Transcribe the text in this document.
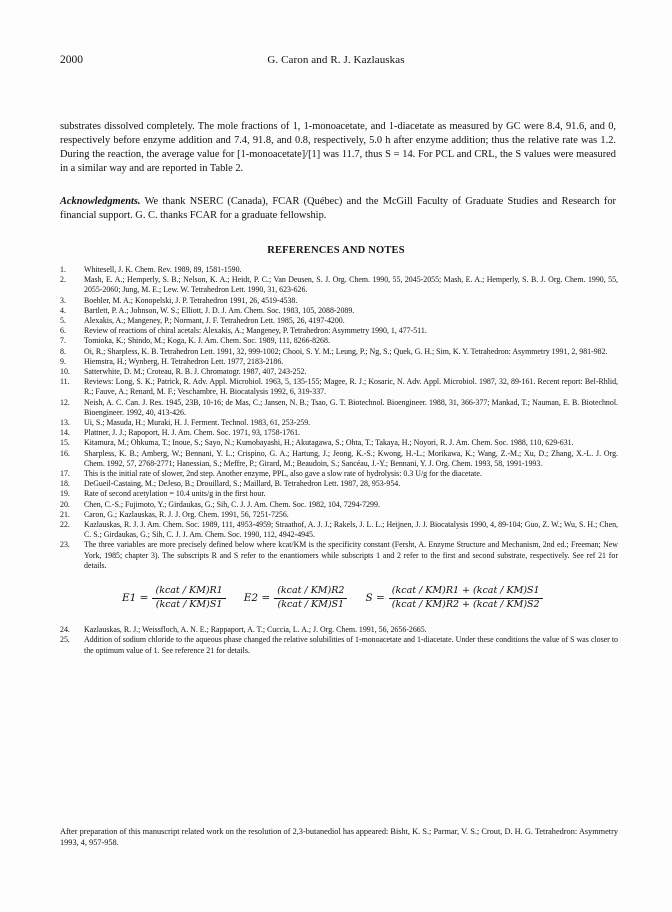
2000	G. Caron and R. J. Kazlauskas

substrates dissolved completely. The mole fractions of 1, 1-monoacetate, and 1-diacetate as measured by GC were 8.4, 91.6, and 0, respectively before enzyme addition and 7.4, 91.8, and 0.8, respectively, 5.0 h after enzyme addition; thus the relative rate was 1.2. During the reaction, the average value for [1-monoacetate]/[1] was 11.7, thus S = 14. For PCL and CRL, the S values were measured in a similar way and are reported in Table 2.

Acknowledgments. We thank NSERC (Canada), FCAR (Québec) and the McGill Faculty of Graduate Studies and Research for financial support. G. C. thanks FCAR for a graduate fellowship.

REFERENCES AND NOTES
1.	Whitesell, J. K. Chem. Rev. 1989, 89, 1581-1590.
2.	Mash, E. A.; Hemperly, S. B.; Nelson, K. A.; Heidt, P. C.; Van Deusen, S. J. Org. Chem. 1990, 55, 2045-2055; Mash, E. A.; Hemperly, S. B. J. Org. Chem. 1990, 55, 2055-2060; Jung, M. E.; Lew. W. Tetrahedron Lett. 1990, 31, 623-626.
3.	Boehler, M. A.; Konopelski, J. P. Tetrahedron 1991, 26, 4519-4538.
4.	Bartlett, P. A.; Johnson, W. S.; Elliott, J. D. J. Am. Chem. Soc. 1983, 105, 2088-2089.
5.	Alexakis, A.; Mangeney, P.; Normant, J. F. Tetrahedron Lett. 1985, 26, 4197-4200.
6.	Review of reactions of chiral acetals: Alexakis, A.; Mangeney, P. Tetrahedron: Asymmetry 1990, 1, 477-511.
7.	Tomioka, K.; Shindo, M.; Koga, K. J. Am. Chem. Soc. 1989, 111, 8266-8268.
8.	Oi, R.; Sharpless, K. B. Tetrahedron Lett. 1991, 32, 999-1002; Chooi, S. Y. M.; Leung, P.; Ng, S.; Quek, G. H.; Sim, K. Y. Tetrahedron: Asymmetry 1991, 2, 981-982.
9.	Hiemstra, H.; Wynberg, H. Tetrahedron Lett. 1977, 2183-2186.
10.	Satterwhite, D. M.; Croteau, R. B. J. Chromatogr. 1987, 407, 243-252.
11.	Reviews: Long, S. K.; Patrick, R. Adv. Appl. Microbiol. 1963, 5, 135-155; Magee, R. J.; Kosaric, N. Adv. Appl. Microbiol. 1987, 32, 89-161. Recent report: Bel-Rhlid, R.; Fauve, A.; Renard, M. F.; Veschambre, H. Biocatalysis 1992, 6, 319-337.
12.	Neish, A. C. Can. J. Res. 1945, 23B, 10-16; de Mas, C.; Jansen, N. B.; Tsao, G. T. Biotechnol. Bioengineer. 1988, 31, 366-377; Mankad, T.; Nauman, E. B. Biotechnol. Bioengineer. 1992, 40, 413-426.
13.	Ui, S.; Masuda, H.; Muraki, H. J. Ferment. Technol. 1983, 61, 253-259.
14.	Plattner, J. J.; Rapoport, H. J. Am. Chem. Soc. 1971, 93, 1758-1761.
15.	Kitamura, M.; Ohkuma, T.; Inoue, S.; Sayo, N.; Kumobayashi, H.; Akutagawa, S.; Ohta, T.; Takaya, H.; Noyori, R. J. Am. Chem. Soc. 1988, 110, 629-631.
16.	Sharpless, K. B.; Amberg, W.; Bennani, Y. L.; Crispino, G. A.; Hartung, J.; Jeong, K.-S.; Kwong, H.-L.; Morikawa, K.; Wang, Z.-M.; Xu, D.; Zhang, X.-L. J. Org. Chem. 1992, 57, 2768-2771; Hanessian, S.; Meffre, P.; Girard, M.; Beaudoin, S.; Sancéau, J.-Y.; Bennani, Y. J. Org. Chem. 1993, 58, 1991-1993.
17.	This is the initial rate of slower, 2nd step. Another enzyme, PPL, also gave a slow rate of hydrolysis: 0.3 U/g for the diacetate.
18.	DeGueil-Castaing, M.; DeJeso, B.; Drouillard, S.; Maillard, B. Tetrahedron Lett. 1987, 28, 953-954.
19.	Rate of second acetylation = 10.4 units/g in the first hour.
20.	Chen, C.-S.; Fujimoto, Y.; Girdaukas, G.; Sih, C. J. J. Am. Chem. Soc. 1982, 104, 7294-7299.
21.	Caron, G.; Kazlauskas, R. J. J. Org. Chem. 1991, 56, 7251-7256.
22.	Kazlauskas, R. J. J. Am. Chem. Soc. 1989, 111, 4953-4959; Straathof, A. J. J.; Rakels, J. L. L.; Heijnen, J. J. Biocatalysis 1990, 4, 89-104; Guo, Z. W.; Wu, S. H.; Chen, C. S.; Girdaukas, G.; Sih, C. J. J. Am. Chem. Soc. 1990, 112, 4942-4945.
23.	The three variables are more precisely defined below where kcat/KM is the specificity constant (Fersht, A. Enzyme Structure and Mechanism, 2nd ed.; Freeman; New York, 1985; chapter 3). The subscripts R and S refer to the enantiomers while subscripts 1 and 2 refer to the first and second substrate, respectively. See ref 21 for details.
$E1 = \frac{\text{(kcat / KM)R1}}{\text{(kcat / KM)S1}} E2 = \frac{\text{(kcat / KM)R2}}{\text{(kcat / KM)S1}}$ $S = \frac{\text{(kcat / KM)R1 + (kcat / KM)S1}}{\text{(kcat / KM)R2 + (kcat / KM)S2}}$
24.	Kazlauskas, R. J.; Weissfloch, A. N. E.; Rappaport, A. T.; Cuccia, L. A.; J. Org. Chem. 1991, 56, 2656-2665.
25.	Addition of sodium chloride to the aqueous phase changed the relative solubilities of 1-monoacetate and 1-diacetate. Under these conditions the value of S was closer to the optimum value of 1. See reference 21 for details.

After preparation of this manuscript related work on the resolution of 2,3-butanediol has appeared: Bisht, K. S.; Parmar, V. S.; Crout, D. H. G. Tetrahedron: Asymmetry 1993, 4, 957-958.
